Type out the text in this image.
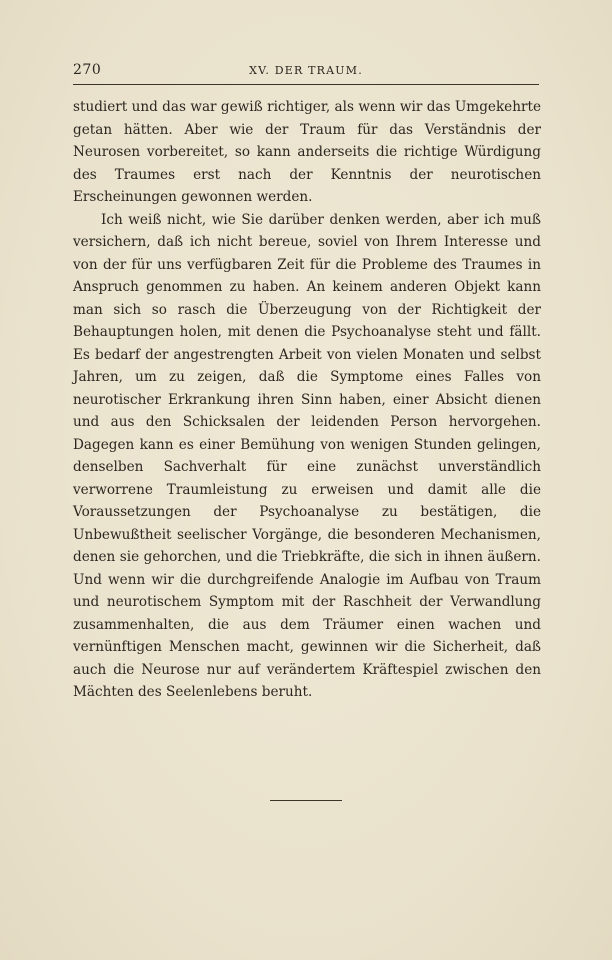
270	XV. DER TRAUM.

studiert und das war gewiß richtiger, als wenn wir das Umgekehrte getan hätten. Aber wie der Traum für das Verständnis der Neurosen vorbereitet, so kann anderseits die richtige Würdigung des Traumes erst nach der Kenntnis der neurotischen Erscheinungen gewonnen werden.

Ich weiß nicht, wie Sie darüber denken werden, aber ich muß versichern, daß ich nicht bereue, soviel von Ihrem Interesse und von der für uns verfügbaren Zeit für die Probleme des Traumes in Anspruch genommen zu haben. An keinem anderen Objekt kann man sich so rasch die Überzeugung von der Richtigkeit der Behauptungen holen, mit denen die Psychoanalyse steht und fällt. Es bedarf der angestrengten Arbeit von vielen Monaten und selbst Jahren, um zu zeigen, daß die Symptome eines Falles von neurotischer Erkrankung ihren Sinn haben, einer Absicht dienen und aus den Schicksalen der leidenden Person hervorgehen. Dagegen kann es einer Bemühung von wenigen Stunden gelingen, denselben Sachverhalt für eine zunächst unverständlich verworrene Traumleistung zu erweisen und damit alle die Voraussetzungen der Psychoanalyse zu bestätigen, die Unbewußtheit seelischer Vorgänge, die besonderen Mechanismen, denen sie gehorchen, und die Triebkräfte, die sich in ihnen äußern. Und wenn wir die durchgreifende Analogie im Aufbau von Traum und neurotischem Symptom mit der Raschheit der Verwandlung zusammenhalten, die aus dem Träumer einen wachen und vernünftigen Menschen macht, gewinnen wir die Sicherheit, daß auch die Neurose nur auf verändertem Kräftespiel zwischen den Mächten des Seelenlebens beruht.
